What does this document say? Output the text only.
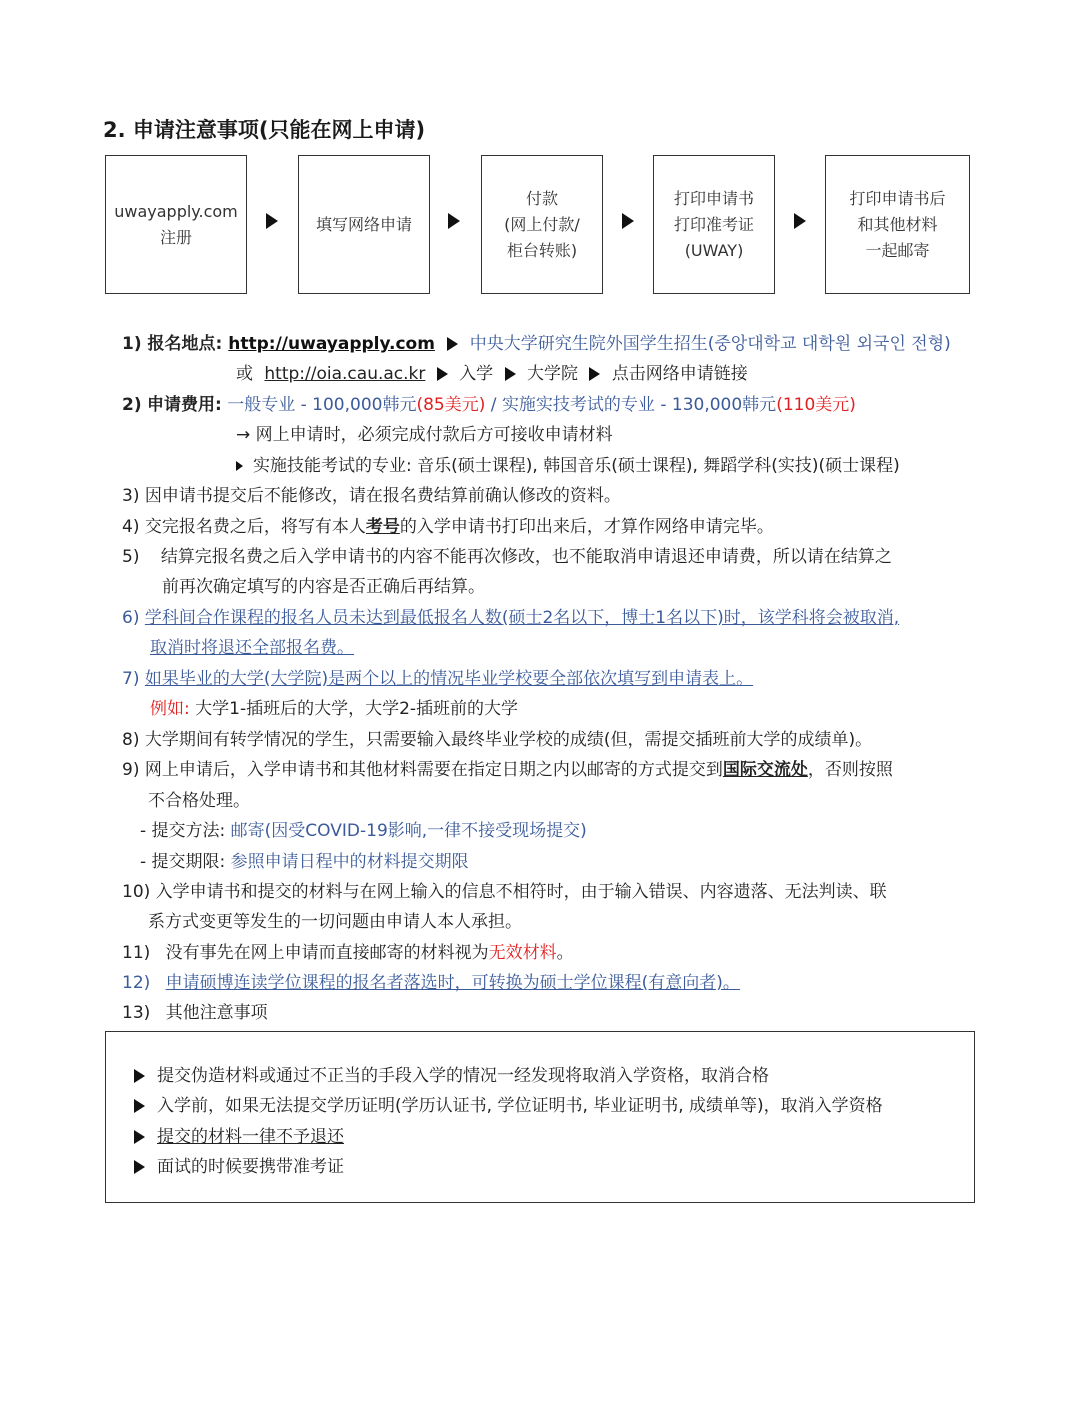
2. 申请注意事项(只能在网上申请)
uwayapply.com
注册
填写网络申请
付款
(网上付款/
柜台转账)
打印申请书
打印准考证
(UWAY)
打印申请书后
和其他材料
一起邮寄
1) 报名地点: http://uwayapply.com 中央大学研究生院外国学生招生(중앙대학교 대학원 외국인 전형)
或 http://oia.cau.ac.kr 入学 大学院 点击网络申请链接
2) 申请费用: 一般专业 - 100,000韩元(85美元) / 实施实技考试的专业 - 130,000韩元(110美元)
→ 网上申请时，必须完成付款后方可接收申请材料
实施技能考试的专业: 音乐(硕士课程), 韩国音乐(硕士课程), 舞蹈学科(实技)(硕士课程)
3) 因申请书提交后不能修改，请在报名费结算前确认修改的资料。
4) 交完报名费之后，将写有本人考号的入学申请书打印出来后，才算作网络申请完毕。
5) 结算完报名费之后入学申请书的内容不能再次修改，也不能取消申请退还申请费，所以请在结算之
前再次确定填写的内容是否正确后再结算。
6) 学科间合作课程的报名人员未达到最低报名人数(硕士2名以下，博士1名以下)时，该学科将会被取消,
取消时将退还全部报名费。
7) 如果毕业的大学(大学院)是两个以上的情况毕业学校要全部依次填写到申请表上。
例如: 大学1-插班后的大学，大学2-插班前的大学
8) 大学期间有转学情况的学生，只需要输入最终毕业学校的成绩(但，需提交插班前大学的成绩单)。
9) 网上申请后，入学申请书和其他材料需要在指定日期之内以邮寄的方式提交到国际交流处，否则按照
不合格处理。
- 提交方法: 邮寄(因受COVID-19影响,一律不接受现场提交)
- 提交期限: 参照申请日程中的材料提交期限
10) 入学申请书和提交的材料与在网上输入的信息不相符时，由于输入错误、内容遗落、无法判读、联
系方式变更等发生的一切问题由申请人本人承担。
11) 没有事先在网上申请而直接邮寄的材料视为无效材料。
12) 申请硕博连读学位课程的报名者落选时，可转换为硕士学位课程(有意向者)。
13) 其他注意事项
提交伪造材料或通过不正当的手段入学的情况一经发现将取消入学资格，取消合格
入学前，如果无法提交学历证明(学历认证书, 学位证明书, 毕业证明书, 成绩单等)，取消入学资格
提交的材料一律不予退还
面试的时候要携带准考证
